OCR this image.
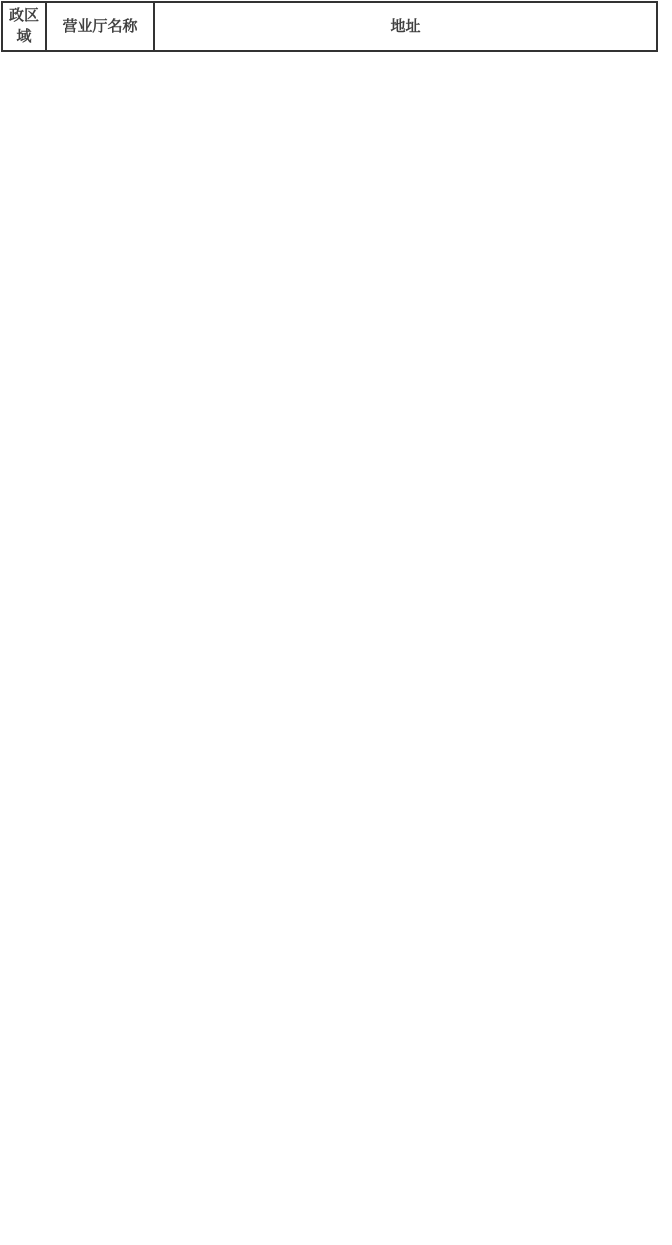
政区域	营业厅名称	地址
